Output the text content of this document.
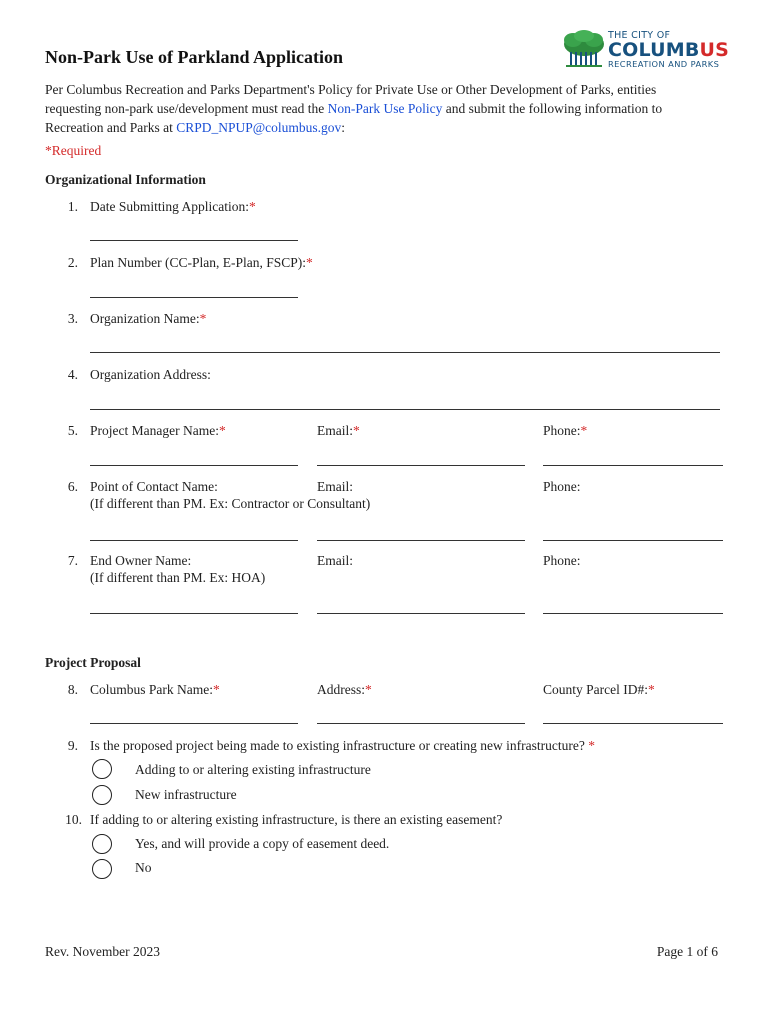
Non-Park Use of Parkland Application
THE CITY OF
COLUMBUS
RECREATION AND PARKS
Per Columbus Recreation and Parks Department's Policy for Private Use or Other Development of Parks, entities requesting non-park use/development must read the Non-Park Use Policy and submit the following information to Recreation and Parks at CRPD_NPUP@columbus.gov:
*Required
Organizational Information
1. Date Submitting Application:*
2. Plan Number (CC-Plan, E-Plan, FSCP):*
3. Organization Name:*
4. Organization Address:
5. Project Manager Name:*	Email:*	Phone:*
6. Point of Contact Name:
(If different than PM. Ex: Contractor or Consultant)
Email:	Phone:
7. End Owner Name:
(If different than PM. Ex: HOA)
Email:	Phone:
Project Proposal
8. Columbus Park Name:*	Address:*	County Parcel ID#:*
9. Is the proposed project being made to existing infrastructure or creating new infrastructure? *
Adding to or altering existing infrastructure
New infrastructure
10. If adding to or altering existing infrastructure, is there an existing easement?
Yes, and will provide a copy of easement deed.
No
Rev. November 2023	Page 1 of 6
